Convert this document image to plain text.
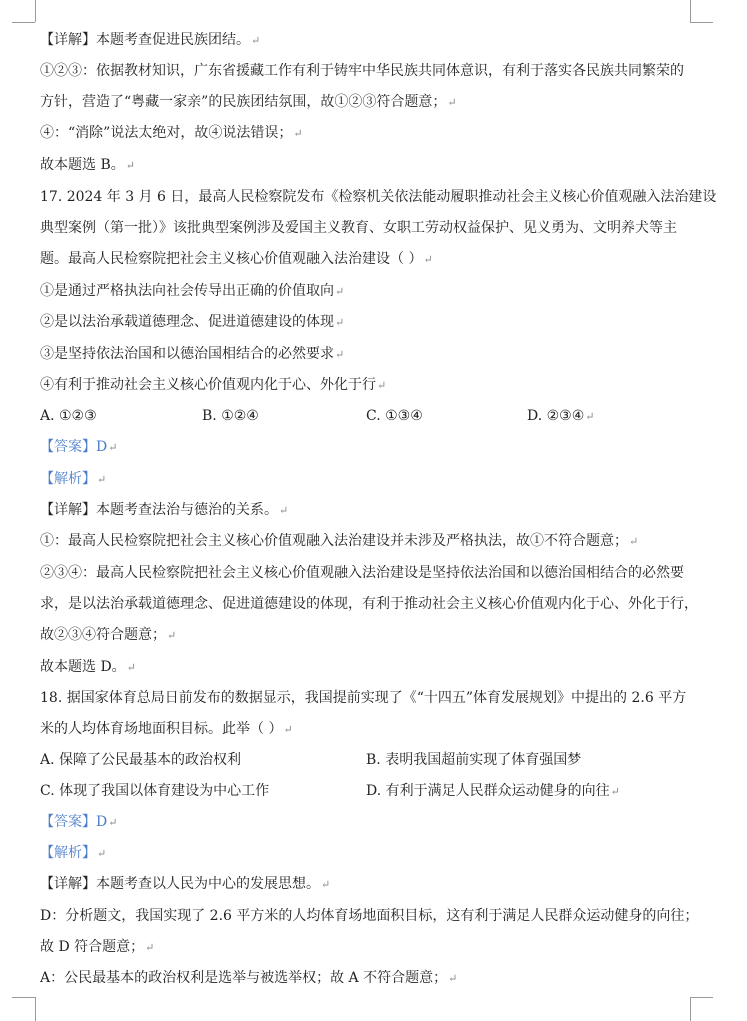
【详解】本题考查促进民族团结。↵
①②③：依据教材知识，广东省援藏工作有利于铸牢中华民族共同体意识，有利于落实各民族共同繁荣的
方针，营造了“粤藏一家亲”的民族团结氛围，故①②③符合题意；↵
④：“消除”说法太绝对，故④说法错误；↵
故本题选 B。↵
17. 2024 年 3 月 6 日，最高人民检察院发布《检察机关依法能动履职推动社会主义核心价值观融入法治建设
典型案例（第一批）》该批典型案例涉及爱国主义教育、女职工劳动权益保护、见义勇为、文明养犬等主
题。最高人民检察院把社会主义核心价值观融入法治建设（ ）↵
①是通过严格执法向社会传导出正确的价值取向↵
②是以法治承载道德理念、促进道德建设的体现↵
③是坚持依法治国和以德治国相结合的必然要求↵
④有利于推动社会主义核心价值观内化于心、外化于行↵
A. ①②③	B. ①②④	C. ①③④	D. ②③④↵
【答案】D↵
【解析】↵
【详解】本题考查法治与德治的关系。↵
①：最高人民检察院把社会主义核心价值观融入法治建设并未涉及严格执法，故①不符合题意；↵
②③④：最高人民检察院把社会主义核心价值观融入法治建设是坚持依法治国和以德治国相结合的必然要
求，是以法治承载道德理念、促进道德建设的体现，有利于推动社会主义核心价值观内化于心、外化于行，
故②③④符合题意；↵
故本题选 D。↵
18. 据国家体育总局日前发布的数据显示，我国提前实现了《“十四五”体育发展规划》中提出的 2.6 平方
米的人均体育场地面积目标。此举（ ）↵
A. 保障了公民最基本的政治权利	B. 表明我国超前实现了体育强国梦
C. 体现了我国以体育建设为中心工作	D. 有利于满足人民群众运动健身的向往↵
【答案】D↵
【解析】↵
【详解】本题考查以人民为中心的发展思想。↵
D：分析题文，我国实现了 2.6 平方米的人均体育场地面积目标，这有利于满足人民群众运动健身的向往；
故 D 符合题意；↵
A：公民最基本的政治权利是选举与被选举权；故 A 不符合题意；↵
